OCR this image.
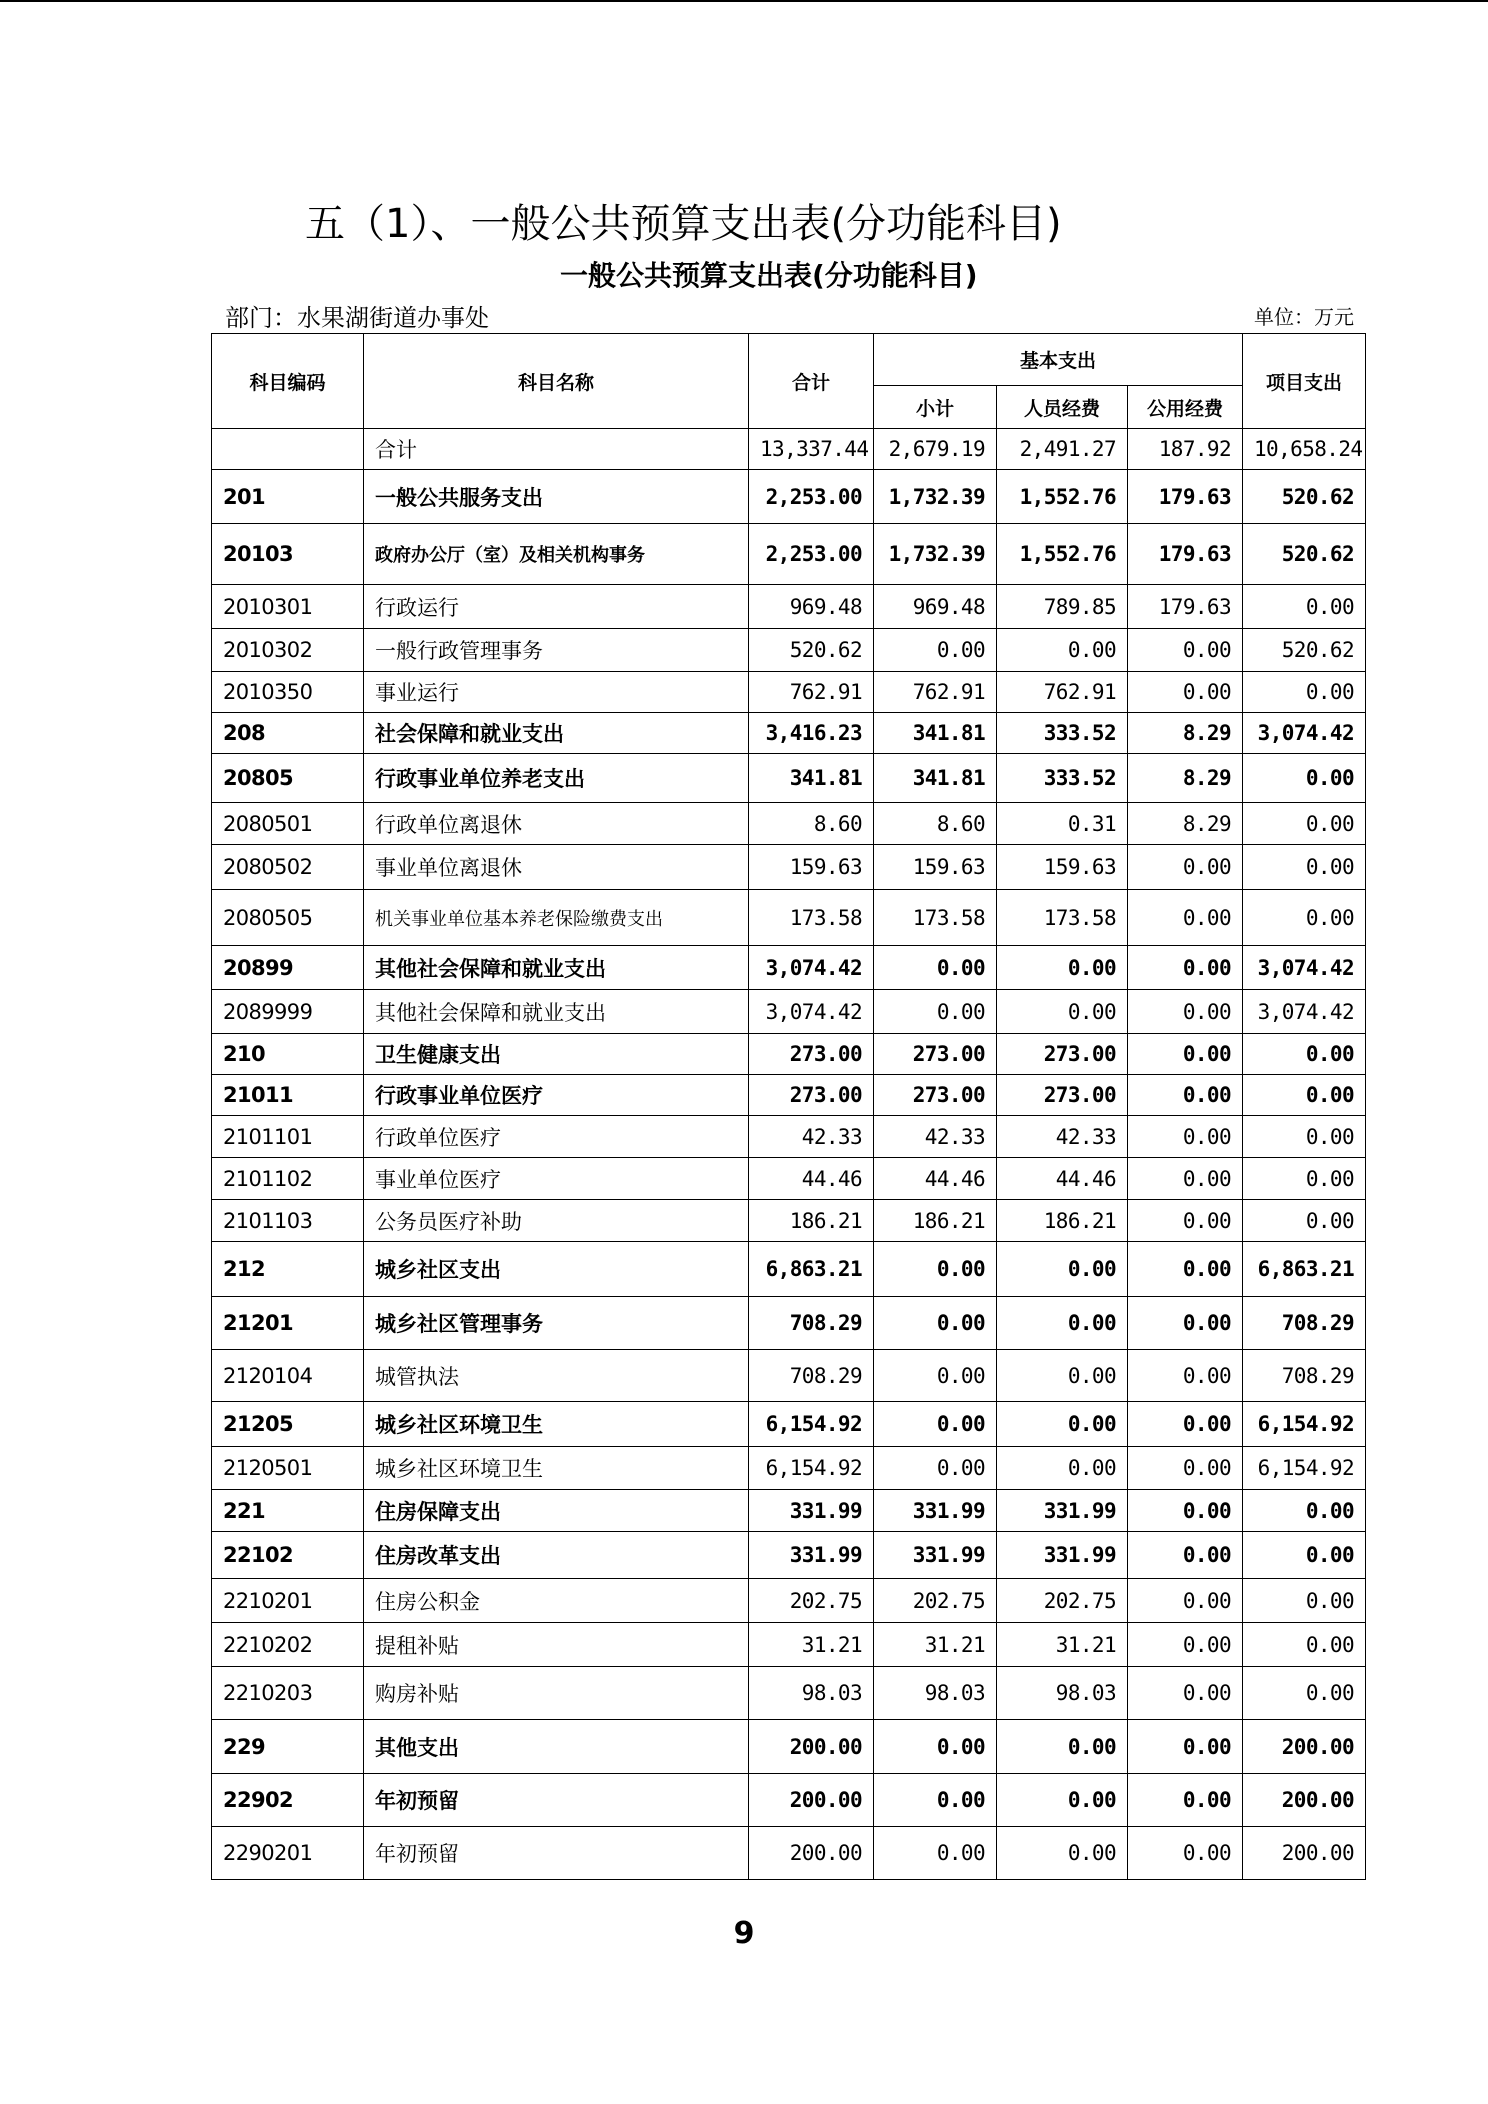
五（1）、一般公共预算支出表(分功能科目)
一般公共预算支出表(分功能科目)
部门：水果湖街道办事处	单位：万元
科目编码	科目名称	合计	基本支出			项目支出
			小计	人员经费	公用经费	
	合计	13,337.44	2,679.19	2,491.27	187.92	10,658.24
201	一般公共服务支出	2,253.00	1,732.39	1,552.76	179.63	520.62
20103	政府办公厅（室）及相关机构事务	2,253.00	1,732.39	1,552.76	179.63	520.62
2010301	行政运行	969.48	969.48	789.85	179.63	0.00
2010302	一般行政管理事务	520.62	0.00	0.00	0.00	520.62
2010350	事业运行	762.91	762.91	762.91	0.00	0.00
208	社会保障和就业支出	3,416.23	341.81	333.52	8.29	3,074.42
20805	行政事业单位养老支出	341.81	341.81	333.52	8.29	0.00
2080501	行政单位离退休	8.60	8.60	0.31	8.29	0.00
2080502	事业单位离退休	159.63	159.63	159.63	0.00	0.00
2080505	机关事业单位基本养老保险缴费支出	173.58	173.58	173.58	0.00	0.00
20899	其他社会保障和就业支出	3,074.42	0.00	0.00	0.00	3,074.42
2089999	其他社会保障和就业支出	3,074.42	0.00	0.00	0.00	3,074.42
210	卫生健康支出	273.00	273.00	273.00	0.00	0.00
21011	行政事业单位医疗	273.00	273.00	273.00	0.00	0.00
2101101	行政单位医疗	42.33	42.33	42.33	0.00	0.00
2101102	事业单位医疗	44.46	44.46	44.46	0.00	0.00
2101103	公务员医疗补助	186.21	186.21	186.21	0.00	0.00
212	城乡社区支出	6,863.21	0.00	0.00	0.00	6,863.21
21201	城乡社区管理事务	708.29	0.00	0.00	0.00	708.29
2120104	城管执法	708.29	0.00	0.00	0.00	708.29
21205	城乡社区环境卫生	6,154.92	0.00	0.00	0.00	6,154.92
2120501	城乡社区环境卫生	6,154.92	0.00	0.00	0.00	6,154.92
221	住房保障支出	331.99	331.99	331.99	0.00	0.00
22102	住房改革支出	331.99	331.99	331.99	0.00	0.00
2210201	住房公积金	202.75	202.75	202.75	0.00	0.00
2210202	提租补贴	31.21	31.21	31.21	0.00	0.00
2210203	购房补贴	98.03	98.03	98.03	0.00	0.00
229	其他支出	200.00	0.00	0.00	0.00	200.00
22902	年初预留	200.00	0.00	0.00	0.00	200.00
2290201	年初预留	200.00	0.00	0.00	0.00	200.00
9
